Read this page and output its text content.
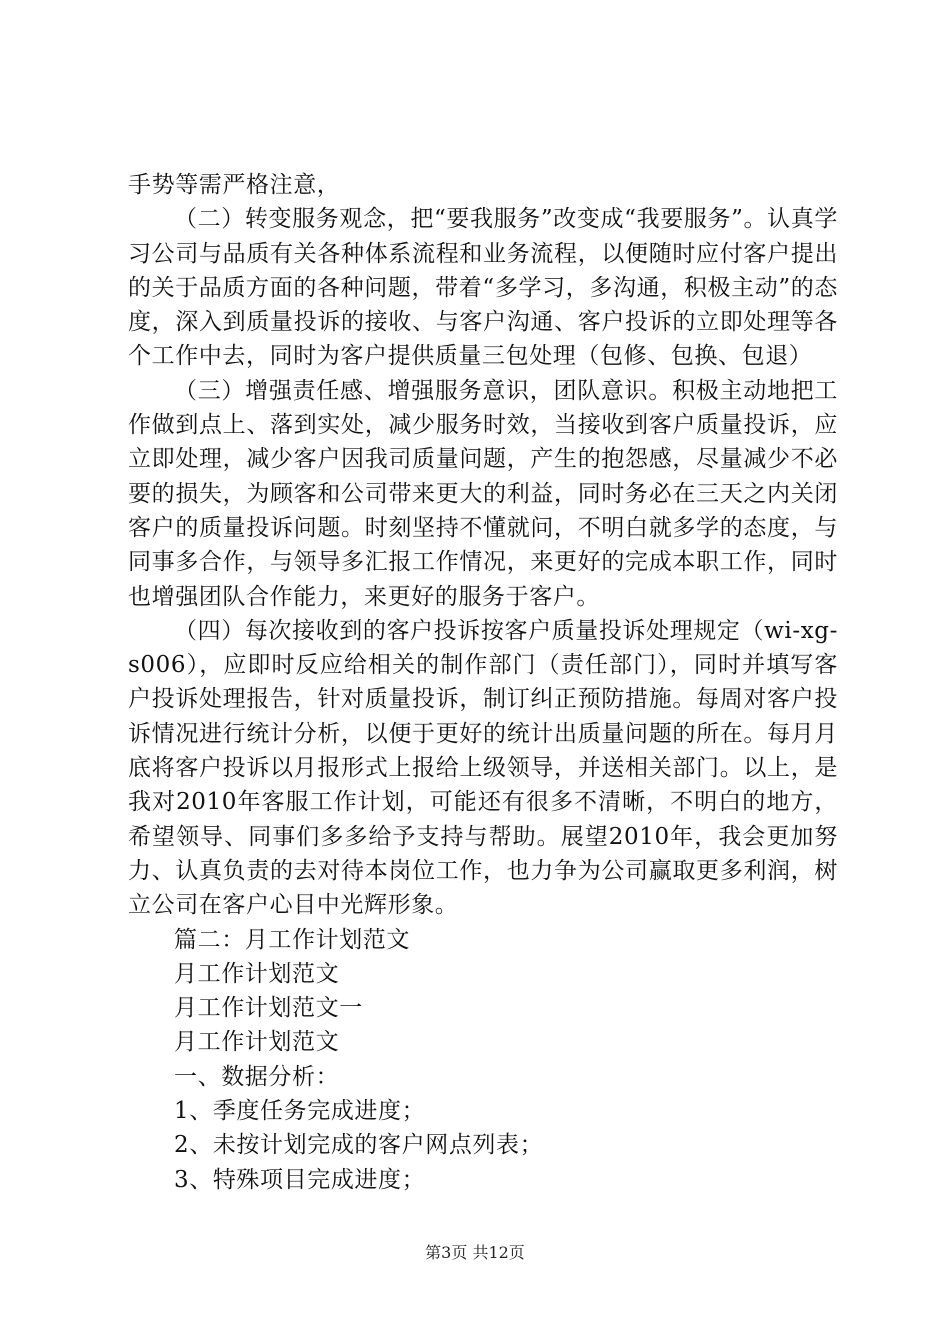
手势等需严格注意，

（二）转变服务观念，把“要我服务”改变成“我要服务”。认真学习公司与品质有关各种体系流程和业务流程，以便随时应付客户提出的关于品质方面的各种问题，带着“多学习，多沟通，积极主动”的态度，深入到质量投诉的接收、与客户沟通、客户投诉的立即处理等各个工作中去，同时为客户提供质量三包处理（包修、包换、包退）

（三）增强责任感、增强服务意识，团队意识。积极主动地把工作做到点上、落到实处，减少服务时效，当接收到客户质量投诉，应立即处理，减少客户因我司质量问题，产生的抱怨感，尽量减少不必要的损失，为顾客和公司带来更大的利益，同时务必在三天之内关闭客户的质量投诉问题。时刻坚持不懂就问，不明白就多学的态度，与同事多合作，与领导多汇报工作情况，来更好的完成本职工作，同时也增强团队合作能力，来更好的服务于客户。

（四）每次接收到的客户投诉按客户质量投诉处理规定（wi-xg-s006），应即时反应给相关的制作部门（责任部门），同时并填写客户投诉处理报告，针对质量投诉，制订纠正预防措施。每周对客户投诉情况进行统计分析，以便于更好的统计出质量问题的所在。每月月底将客户投诉以月报形式上报给上级领导，并送相关部门。以上，是我对2010年客服工作计划，可能还有很多不清晰，不明白的地方，希望领导、同事们多多给予支持与帮助。展望2010年，我会更加努力、认真负责的去对待本岗位工作，也力争为公司赢取更多利润，树立公司在客户心目中光辉形象。

篇二：月工作计划范文

月工作计划范文

月工作计划范文一

月工作计划范文

一、数据分析：

1、季度任务完成进度；

2、未按计划完成的客户网点列表；

3、特殊项目完成进度；

第3页 共12页
